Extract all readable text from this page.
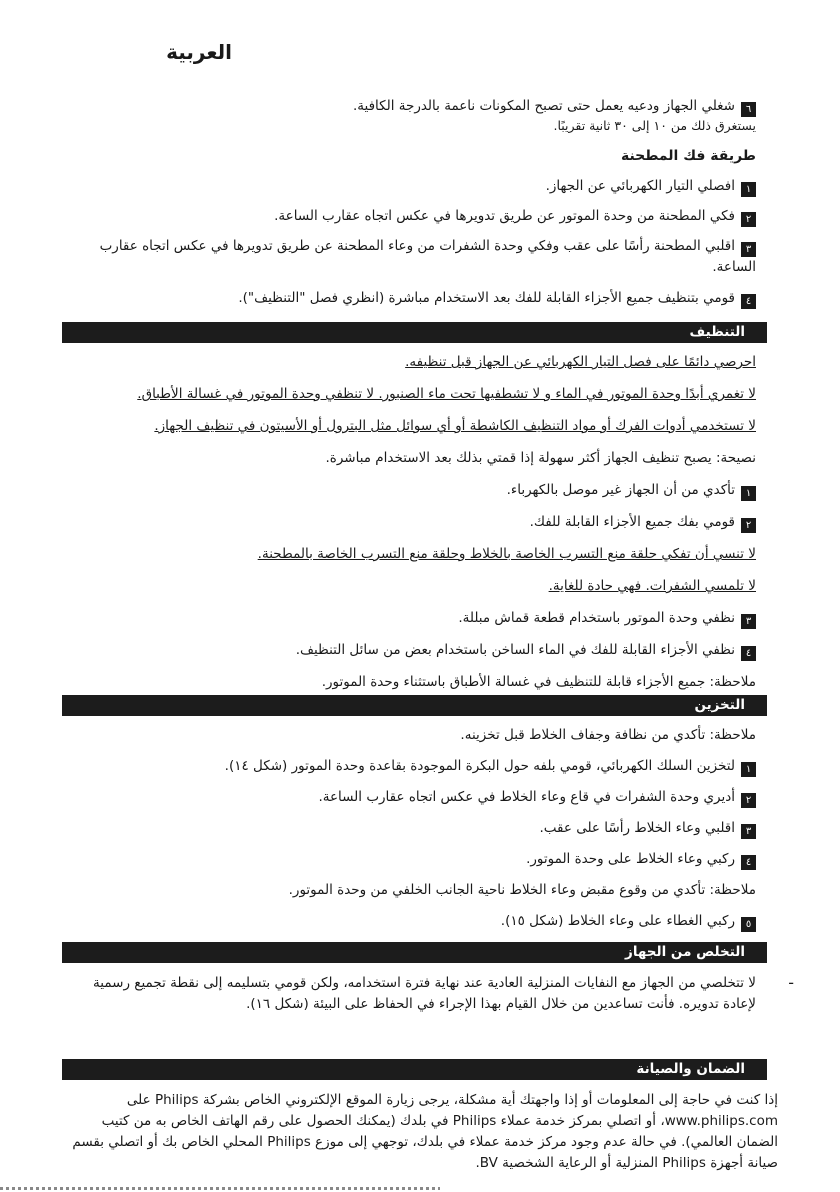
العربية
٦شغلي الجهاز ودعيه يعمل حتى تصبح المكونات ناعمة بالدرجة الكافية.
يستغرق ذلك من ١٠ إلى ٣٠ ثانية تقريبًا.
طريقة فك المطحنة
١افصلي التيار الكهربائي عن الجهاز.
٢فكي المطحنة من وحدة الموتور عن طريق تدويرها في عكس اتجاه عقارب الساعة.
٣اقلبي المطحنة رأسًا على عقب وفكي وحدة الشفرات من وعاء المطحنة عن طريق تدويرها في عكس اتجاه عقارب
الساعة.
٤قومي بتنظيف جميع الأجزاء القابلة للفك بعد الاستخدام مباشرة (انظري فصل "التنظيف").
التنظيف
احرصي دائمًا على فصل التيار الكهربائي عن الجهاز قبل تنظيفه.
لا تغمري أبدًا وحدة الموتور في الماء و لا تشطفيها تحت ماء الصنبور. لا تنظفي وحدة الموتور في غسالة الأطباق.
لا تستخدمي أدوات الفرك أو مواد التنظيف الكاشطة أو أي سوائل مثل البترول أو الأسيتون في تنظيف الجهاز.
نصيحة: يصبح تنظيف الجهاز أكثر سهولة إذا قمتي بذلك بعد الاستخدام مباشرة.
١تأكدي من أن الجهاز غير موصل بالكهرباء.
٢قومي بفك جميع الأجزاء القابلة للفك.
لا تنسي أن تفكي حلقة منع التسرب الخاصة بالخلاط وحلقة منع التسرب الخاصة بالمطحنة.
لا تلمسي الشفرات. فهي حادة للغاية.
٣نظفي وحدة الموتور باستخدام قطعة قماش مبللة.
٤نظفي الأجزاء القابلة للفك في الماء الساخن باستخدام بعض من سائل التنظيف.
ملاحظة: جميع الأجزاء قابلة للتنظيف في غسالة الأطباق باستثناء وحدة الموتور.
التخزين
ملاحظة: تأكدي من نظافة وجفاف الخلاط قبل تخزينه.
١لتخزين السلك الكهربائي، قومي بلفه حول البكرة الموجودة بقاعدة وحدة الموتور (شكل ١٤).
٢أديري وحدة الشفرات في قاع وعاء الخلاط في عكس اتجاه عقارب الساعة.
٣اقلبي وعاء الخلاط رأسًا على عقب.
٤ركبي وعاء الخلاط على وحدة الموتور.
ملاحظة: تأكدي من وقوع مقبض وعاء الخلاط ناحية الجانب الخلفي من وحدة الموتور.
٥ركبي الغطاء على وعاء الخلاط (شكل ١٥).
التخلص من الجهاز
-
لا تتخلصي من الجهاز مع النفايات المنزلية العادية عند نهاية فترة استخدامه، ولكن قومي بتسليمه إلى نقطة تجميع رسمية
لإعادة تدويره. فأنت تساعدين من خلال القيام بهذا الإجراء في الحفاظ على البيئة (شكل ١٦).
الضمان والصيانة
إذا كنت في حاجة إلى المعلومات أو إذا واجهتك أية مشكلة، يرجى زيارة الموقع الإلكتروني الخاص بشركة Philips على
www.philips.com، أو اتصلي بمركز خدمة عملاء Philips في بلدك (يمكنك الحصول على رقم الهاتف الخاص به من كتيب
الضمان العالمي). في حالة عدم وجود مركز خدمة عملاء في بلدك، توجهي إلى موزع Philips المحلي الخاص بك أو اتصلي بقسم
صيانة أجهزة Philips المنزلية أو الرعاية الشخصية BV.
